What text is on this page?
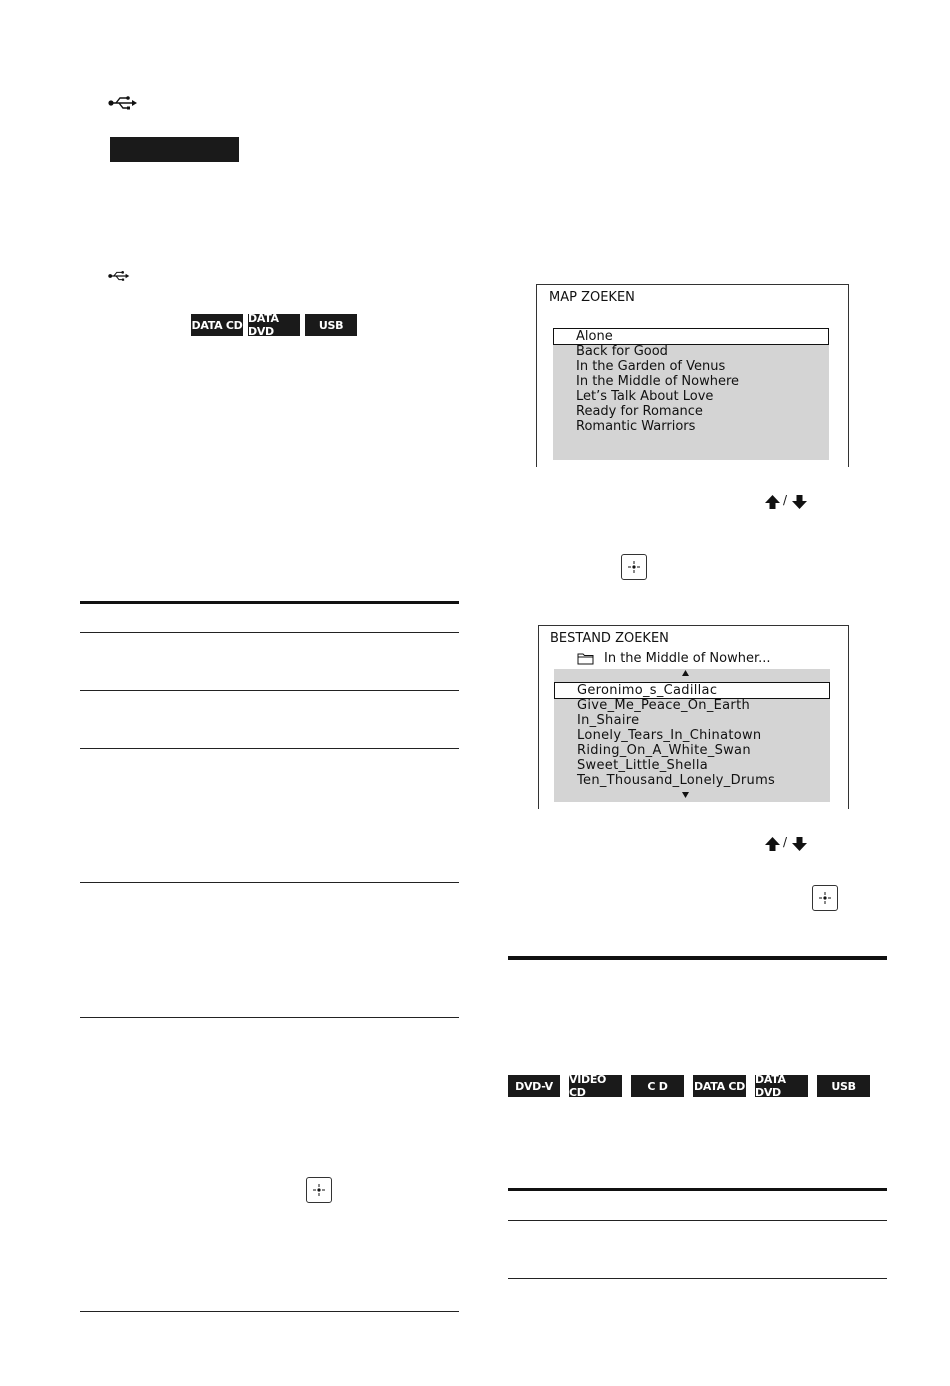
DATA CD DATA DVD	USB
MAP ZOEKEN
Alone
Back for Good
In the Garden of Venus
In the Middle of Nowhere
Let’s Talk About Love
Ready for Romance
Romantic Warriors
/
BESTAND ZOEKEN
In the Middle of Nowher...
Geronimo_s_Cadillac
Give_Me_Peace_On_Earth
In_Shaire
Lonely_Tears_In_Chinatown
Riding_On_A_White_Swan
Sweet_Little_Shella
Ten_Thousand_Lonely_Drums
/
DVD-V	VIDEO CD	C D	DATA CD DATA DVD	USB
